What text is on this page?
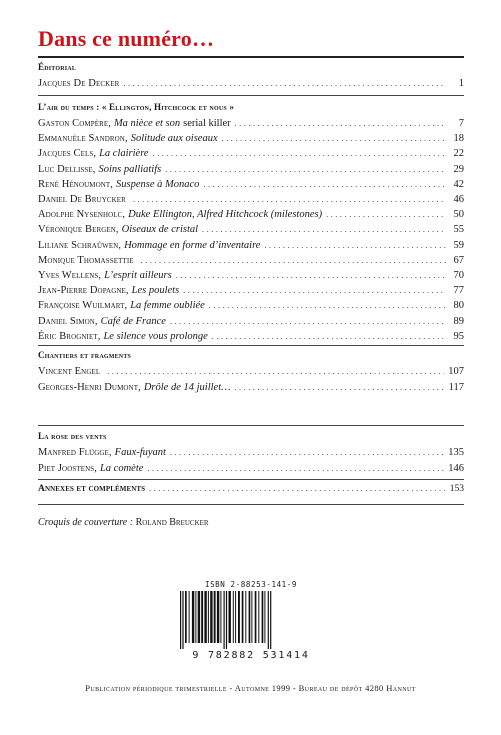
Dans ce numéro…
Éditorial
Jacques De Decker . . .	1
L’air du temps : « Ellington, Hitchcock et nous »
Gaston Compère, Ma nièce et son serial killer . . .	7
Emmanuèle Sandron, Solitude aux oiseaux . . .	18
Jacques Cels, La clairière . . .	22
Luc Dellisse, Soins palliatifs . . .	29
René Hénoumont, Suspense à Monaco . . .	42
Daniel De Bruycker . . .	46
Adolphe Nysenholc, Duke Ellington, Alfred Hitchcock (milestones) . . .	50
Véronique Bergen, Oiseaux de cristal . . .	55
Liliane Schraûwen, Hommage en forme d’inventaire . . .	59
Monique Thomassettie . . .	67
Yves Wellens, L’esprit ailleurs . . .	70
Jean-Pierre Dopagne, Les poulets . . .	77
Françoise Wuilmart, La femme oubliée . . .	80
Daniel Simon, Café de France . . .	89
Éric Brogniet, Le silence vous prolonge . . .	95
Chantiers et fragments
Vincent Engel . . .	107
Georges-Henri Dumont, Drôle de 14 juillet… . . .	117
La rose des vents
Manfred Flügge, Faux-fuyant . . .	135
Piet Joostens, La comète . . .	146
Annexes et compléments . . .	153
Croquis de couverture : Roland Breucker
ISBN 2-88253-141-9
9 782882 531414
Publication périodique trimestrielle - Automne 1999 - Bureau de dépôt 4280 Hannut
